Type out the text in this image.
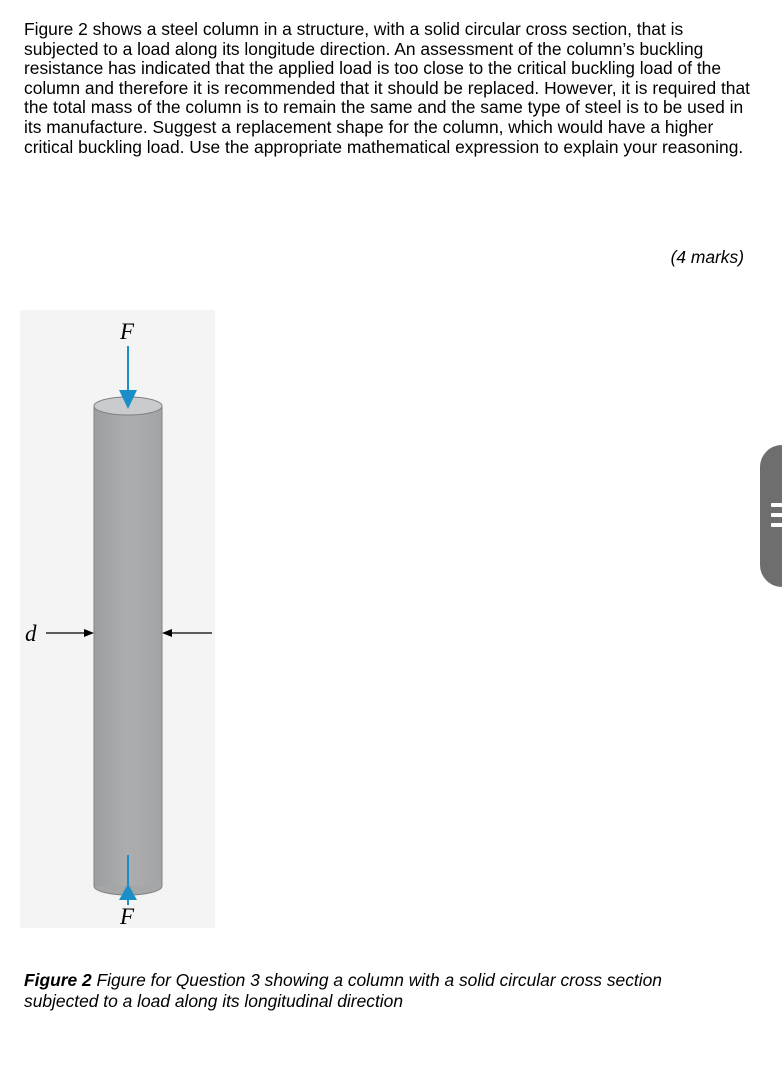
Figure 2 shows a steel column in a structure, with a solid circular cross section, that is subjected to a load along its longitude direction. An assessment of the column’s buckling resistance has indicated that the applied load is too close to the critical buckling load of the column and therefore it is recommended that it should be replaced. However, it is required that the total mass of the column is to remain the same and the same type of steel is to be used in its manufacture. Suggest a replacement shape for the column, which would have a higher critical buckling load. Use the appropriate mathematical expression to explain your reasoning.

(4 marks)
F
F
d

Figure 2 Figure for Question 3 showing a column with a solid circular cross section subjected to a load along its longitudinal direction
